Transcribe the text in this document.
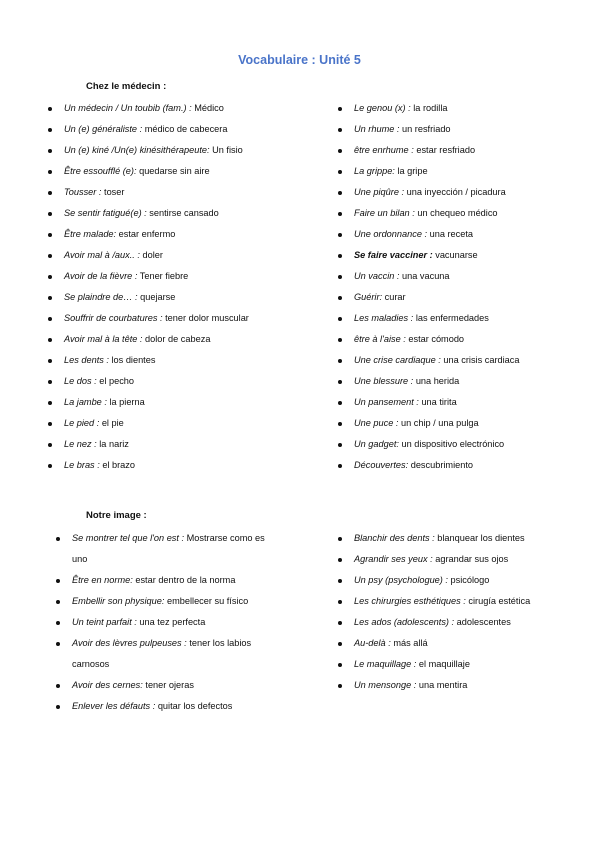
Vocabulaire : Unité 5
Chez le médecin :
Un médecin / Un toubib (fam.) : Médico
Un (e) généraliste : médico de cabecera
Un (e) kiné /Un(e) kinésithérapeute: Un fisio
Être essoufflé (e): quedarse sin aire
Tousser : toser
Se sentir fatigué(e) : sentirse cansado
Être malade: estar enfermo
Avoir mal à /aux.. : doler
Avoir de la fièvre : Tener fiebre
Se plaindre de… : quejarse
Souffrir de courbatures : tener dolor muscular
Avoir mal à la tête : dolor de cabeza
Les dents : los dientes
Le dos : el pecho
La jambe : la pierna
Le pied : el pie
Le nez : la nariz
Le bras : el brazo
Le genou (x) : la rodilla
Un rhume : un resfriado
être enrhume : estar resfriado
La grippe: la gripe
Une piqûre : una inyección / picadura
Faire un bilan : un chequeo médico
Une ordonnance : una receta
Se faire vacciner : vacunarse
Un vaccin : una vacuna
Guérir: curar
Les maladies : las enfermedades
être à l'aise : estar cómodo
Une crise cardiaque : una crisis cardiaca
Une blessure : una herida
Un pansement : una tirita
Une puce : un chip / una pulga
Un gadget: un dispositivo electrónico
Découvertes: descubrimiento
Notre image :
Se montrer tel que l'on est : Mostrarse como es
uno
Être en norme: estar dentro de la norma
Embellir son physique: embellecer su físico
Un teint parfait : una tez perfecta
Avoir des lèvres pulpeuses : tener los labios
carnosos
Avoir des cernes: tener ojeras
Enlever les défauts : quitar los defectos
Blanchir des dents : blanquear los dientes
Agrandir ses yeux : agrandar sus ojos
Un psy (psychologue) : psicólogo
Les chirurgies esthétiques : cirugía estética
Les ados (adolescents) : adolescentes
Au-delà : más allá
Le maquillage : el maquillaje
Un mensonge : una mentira
